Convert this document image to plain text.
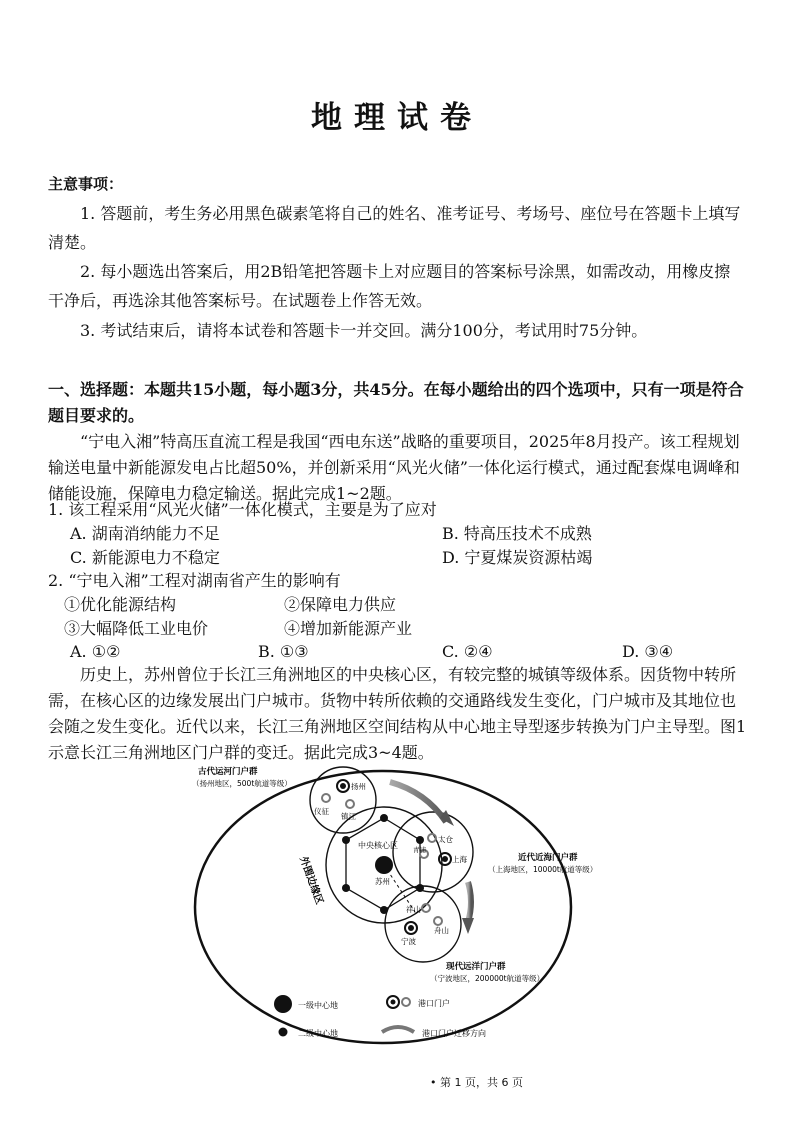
地理试卷
主意事项：
1. 答题前，考生务必用黑色碳素笔将自己的姓名、准考证号、考场号、座位号在答题卡上填写清楚。
2. 每小题选出答案后，用2B铅笔把答题卡上对应题目的答案标号涂黑，如需改动，用橡皮擦干净后，再选涂其他答案标号。在试题卷上作答无效。
3. 考试结束后，请将本试卷和答题卡一并交回。满分100分，考试用时75分钟。
一、选择题：本题共15小题，每小题3分，共45分。在每小题给出的四个选项中，只有一项是符合题目要求的。
“宁电入湘”特高压直流工程是我国“西电东送”战略的重要项目，2025年8月投产。该工程规划输送电量中新能源发电占比超50%，并创新采用“风光火储”一体化运行模式，通过配套煤电调峰和储能设施，保障电力稳定输送。据此完成1~2题。
1. 该工程采用“风光火储”一体化模式，主要是为了应对
A. 湖南消纳能力不足	B. 特高压技术不成熟
C. 新能源电力不稳定	D. 宁夏煤炭资源枯竭
2. “宁电入湘”工程对湖南省产生的影响有
①优化能源结构	②保障电力供应
③大幅降低工业电价	④增加新能源产业
A. ①②	B. ①③	C. ②④	D. ③④
历史上，苏州曾位于长江三角洲地区的中央核心区，有较完整的城镇等级体系。因货物中转所需，在核心区的边缘发展出门户城市。货物中转所依赖的交通路线发生变化，门户城市及其地位也会随之发生变化。近代以来，长江三角洲地区空间结构从中心地主导型逐步转换为门户主导型。图1示意长江三角洲地区门户群的变迁。据此完成3~4题。
古代运河门户群
（扬州地区，500t航道等级）
近代近海门户群
（上海地区，10000t航道等级）
现代远洋门户群
（宁波地区，200000t航道等级）
中央核心区
外围边缘区
扬州
仪征
镇江
太仓
青浦
上海
苏州
祥山
舟山
宁波
一级中心地
二级中心地
港口门户
港口门户迁移方向
• 第 1 页，共 6 页
